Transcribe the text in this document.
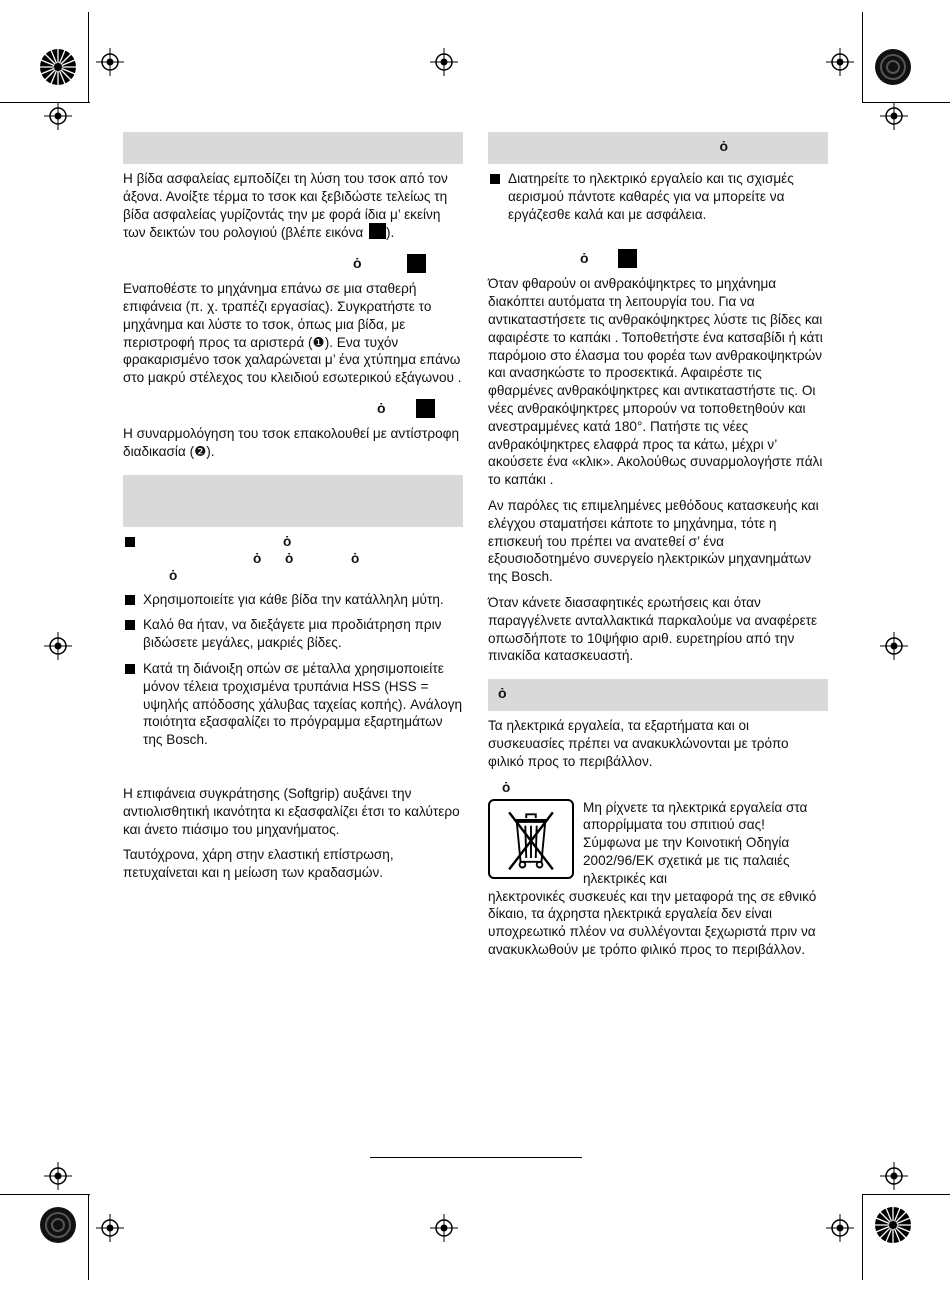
Η βίδα ασφαλείας εμποδίζει τη λύση του τσοκ από τον άξονα. Ανοίξτε τέρμα το τσοκ και ξεβιδώστε τελείως τη βίδα ασφαλείας γυρίζοντάς την με φορά ίδια μ’ εκείνη των δεικτών του ρολογιού (βλέπε εικόνα ).

ȯ

Εναποθέστε το μηχάνημα επάνω σε μια σταθερή επιφάνεια (π. χ. τραπέζι εργασίας). Συγκρατήστε το μηχάνημα και λύστε το τσοκ, όπως μια βίδα, με περιστροφή προς τα αριστερά (❶). Ενα τυχόν φρακαρισμένο τσοκ χαλαρώνεται μ’ ένα χτύπημα επάνω στο μακρύ στέλεχος του κλειδιού εσωτερικού εξάγωνου .

ȯ

Η συναρμολόγηση του τσοκ επακολουθεί με αντίστροφη διαδικασία (❷).

ȯ
ȯ ȯ	ȯ
ȯ
Χρησιμοποιείτε για κάθε βίδα την κατάλληλη μύτη.
Καλό θα ήταν, να διεξάγετε μια προδιάτρηση πριν βιδώσετε μεγάλες, μακριές βίδες.
Κατά τη διάνοιξη οπών σε μέταλλα χρησιμοποιείτε μόνον τέλεια τροχισμένα τρυπάνια HSS (HSS = υψηλής απόδοσης χάλυβας ταχείας κοπής). Ανάλογη ποιότητα εξασφαλίζει το πρόγραμμα εξαρτημάτων της Bosch.

Η επιφάνεια συγκράτησης (Softgrip) αυξάνει την αντιολισθητική ικανότητα κι εξασφαλίζει έτσι το καλύτερο και άνετο πιάσιμο του μηχανήματος.

Ταυτόχρονα, χάρη στην ελαστική επίστρωση, πετυχαίνεται και η μείωση των κραδασμών.

ȯ
Διατηρείτε το ηλεκτρικό εργαλείο και τις σχισμές αερισμού πάντοτε καθαρές για να μπορείτε να εργάζεσθε καλά και με ασφάλεια.
ȯ

Όταν φθαρούν οι ανθρακόψηκτρες το μηχάνημα διακόπτει αυτόματα τη λειτουργία του. Για να αντικαταστήσετε τις ανθρακόψηκτρες λύστε τις βίδες και αφαιρέστε το καπάκι . Τοποθετήστε ένα κατσαβίδι ή κάτι παρόμοιο στο έλασμα του φορέα των ανθρακοψηκτρών και ανασηκώστε το προσεκτικά. Αφαιρέστε τις φθαρμένες ανθρακόψηκτρες και αντικαταστήστε τις. Οι νέες ανθρακόψηκτρες μπορούν να τοποθετηθούν και ανεστραμμένες κατά 180°. Πατήστε τις νέες ανθρακόψηκτρες ελαφρά προς τα κάτω, μέχρι ν’ ακούσετε ένα «κλικ». Ακολούθως συναρμολογήστε πάλι το καπάκι .

Αν παρόλες τις επιμελημένες μεθόδους κατασκευής και ελέγχου σταματήσει κάποτε το μηχάνημα, τότε η επισκευή του πρέπει να ανατεθεί σ’ ένα εξουσιοδοτημένο συνεργείο ηλεκτρικών μηχανημάτων της Bosch.

Όταν κάνετε διασαφητικές ερωτήσεις και όταν παραγγέλνετε ανταλλακτικά παρκαλούμε να αναφέρετε οπωσδήποτε το 10ψήφιο αριθ. ευρετηρίου από την πινακίδα κατασκευαστή.

ȯ

Τα ηλεκτρικά εργαλεία, τα εξαρτήματα και οι συσκευασίες πρέπει να ανακυκλώνονται με τρόπο φιλικό προς το περιβάλλον.

ȯ
Μη ρίχνετε τα ηλεκτρικά εργαλεία στα απορρίμματα του σπιτιού σας!
Σύμφωνα με την Κοινοτική Οδηγία 2002/96/ΕΚ σχετικά με τις παλαιές ηλεκτρικές και
ηλεκτρονικές συσκευές και την μεταφορά της σε εθνικό δίκαιο, τα άχρηστα ηλεκτρικά εργαλεία δεν είναι υποχρεωτικό πλέον να συλλέγονται ξεχωριστά πριν να ανακυκλωθούν με τρόπο φιλικό προς το περιβάλλον.
